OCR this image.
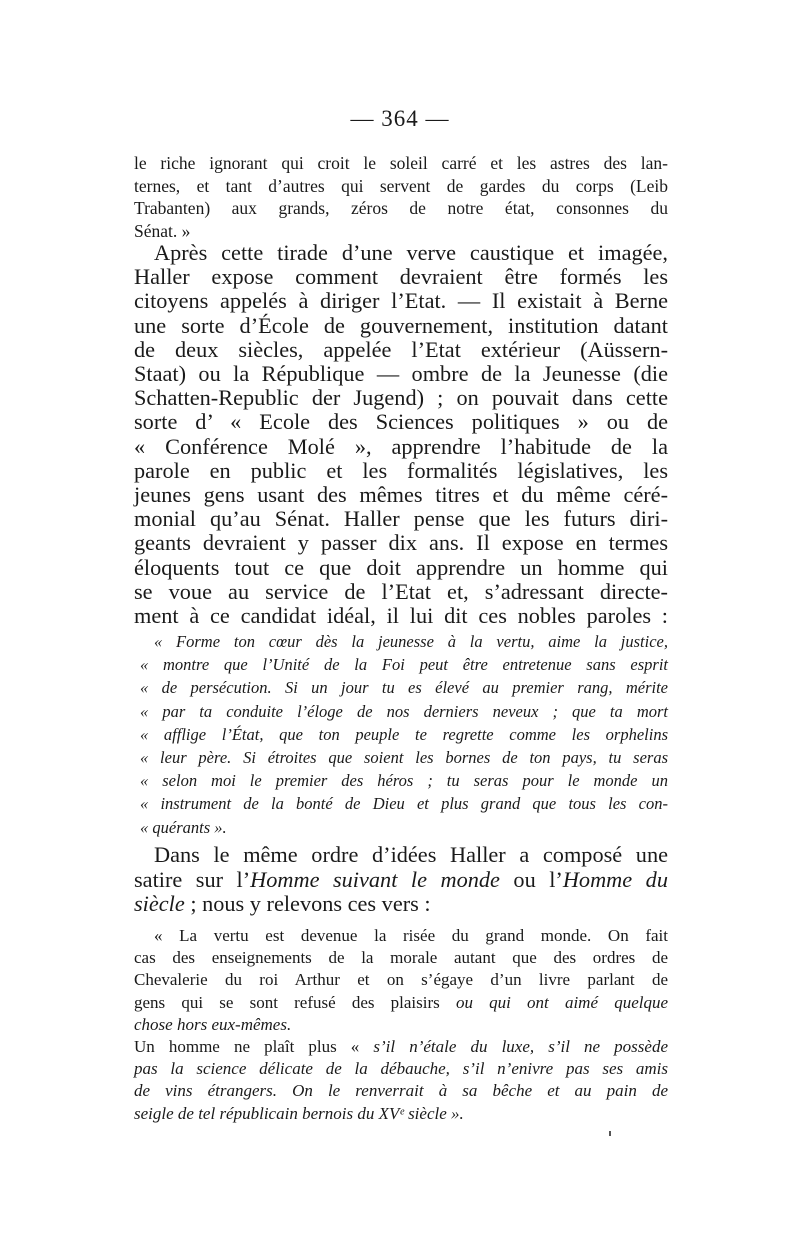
— 364 —
le riche ignorant qui croit le soleil carré et les astres des lan-
ternes, et tant d’autres qui servent de gardes du corps (Leib
Trabanten) aux grands, zéros de notre état, consonnes du
Sénat. »
Après cette tirade d’une verve caustique et imagée,
Haller expose comment devraient être formés les
citoyens appelés à diriger l’Etat. — Il existait à Berne
une sorte d’École de gouvernement, institution datant
de deux siècles, appelée l’Etat extérieur (Aüssern-
Staat) ou la République — ombre de la Jeunesse (die
Schatten-Republic der Jugend) ; on pouvait dans cette
sorte d’ « Ecole des Sciences politiques » ou de
« Conférence Molé », apprendre l’habitude de la
parole en public et les formalités législatives, les
jeunes gens usant des mêmes titres et du même céré-
monial qu’au Sénat. Haller pense que les futurs diri-
geants devraient y passer dix ans. Il expose en termes
éloquents tout ce que doit apprendre un homme qui
se voue au service de l’Etat et, s’adressant directe-
ment à ce candidat idéal, il lui dit ces nobles paroles :
« Forme ton cœur dès la jeunesse à la vertu, aime la justice,
« montre que l’Unité de la Foi peut être entretenue sans esprit
« de persécution. Si un jour tu es élevé au premier rang, mérite
« par ta conduite l’éloge de nos derniers neveux ; que ta mort
« afflige l’État, que ton peuple te regrette comme les orphelins
« leur père. Si étroites que soient les bornes de ton pays, tu seras
« selon moi le premier des héros ; tu seras pour le monde un
« instrument de la bonté de Dieu et plus grand que tous les con-
« quérants ».
Dans le même ordre d’idées Haller a composé une
satire sur l’Homme suivant le monde ou l’Homme du
siècle ; nous y relevons ces vers :
« La vertu est devenue la risée du grand monde. On fait
cas des enseignements de la morale autant que des ordres de
Chevalerie du roi Arthur et on s’égaye d’un livre parlant de
gens qui se sont refusé des plaisirs ou qui ont aimé quelque
chose hors eux-mêmes.
Un homme ne plaît plus « s’il n’étale du luxe, s’il ne possède
pas la science délicate de la débauche, s’il n’enivre pas ses amis
de vins étrangers. On le renverrait à sa bêche et au pain de
seigle de tel républicain bernois du XVᵉ siècle ».
